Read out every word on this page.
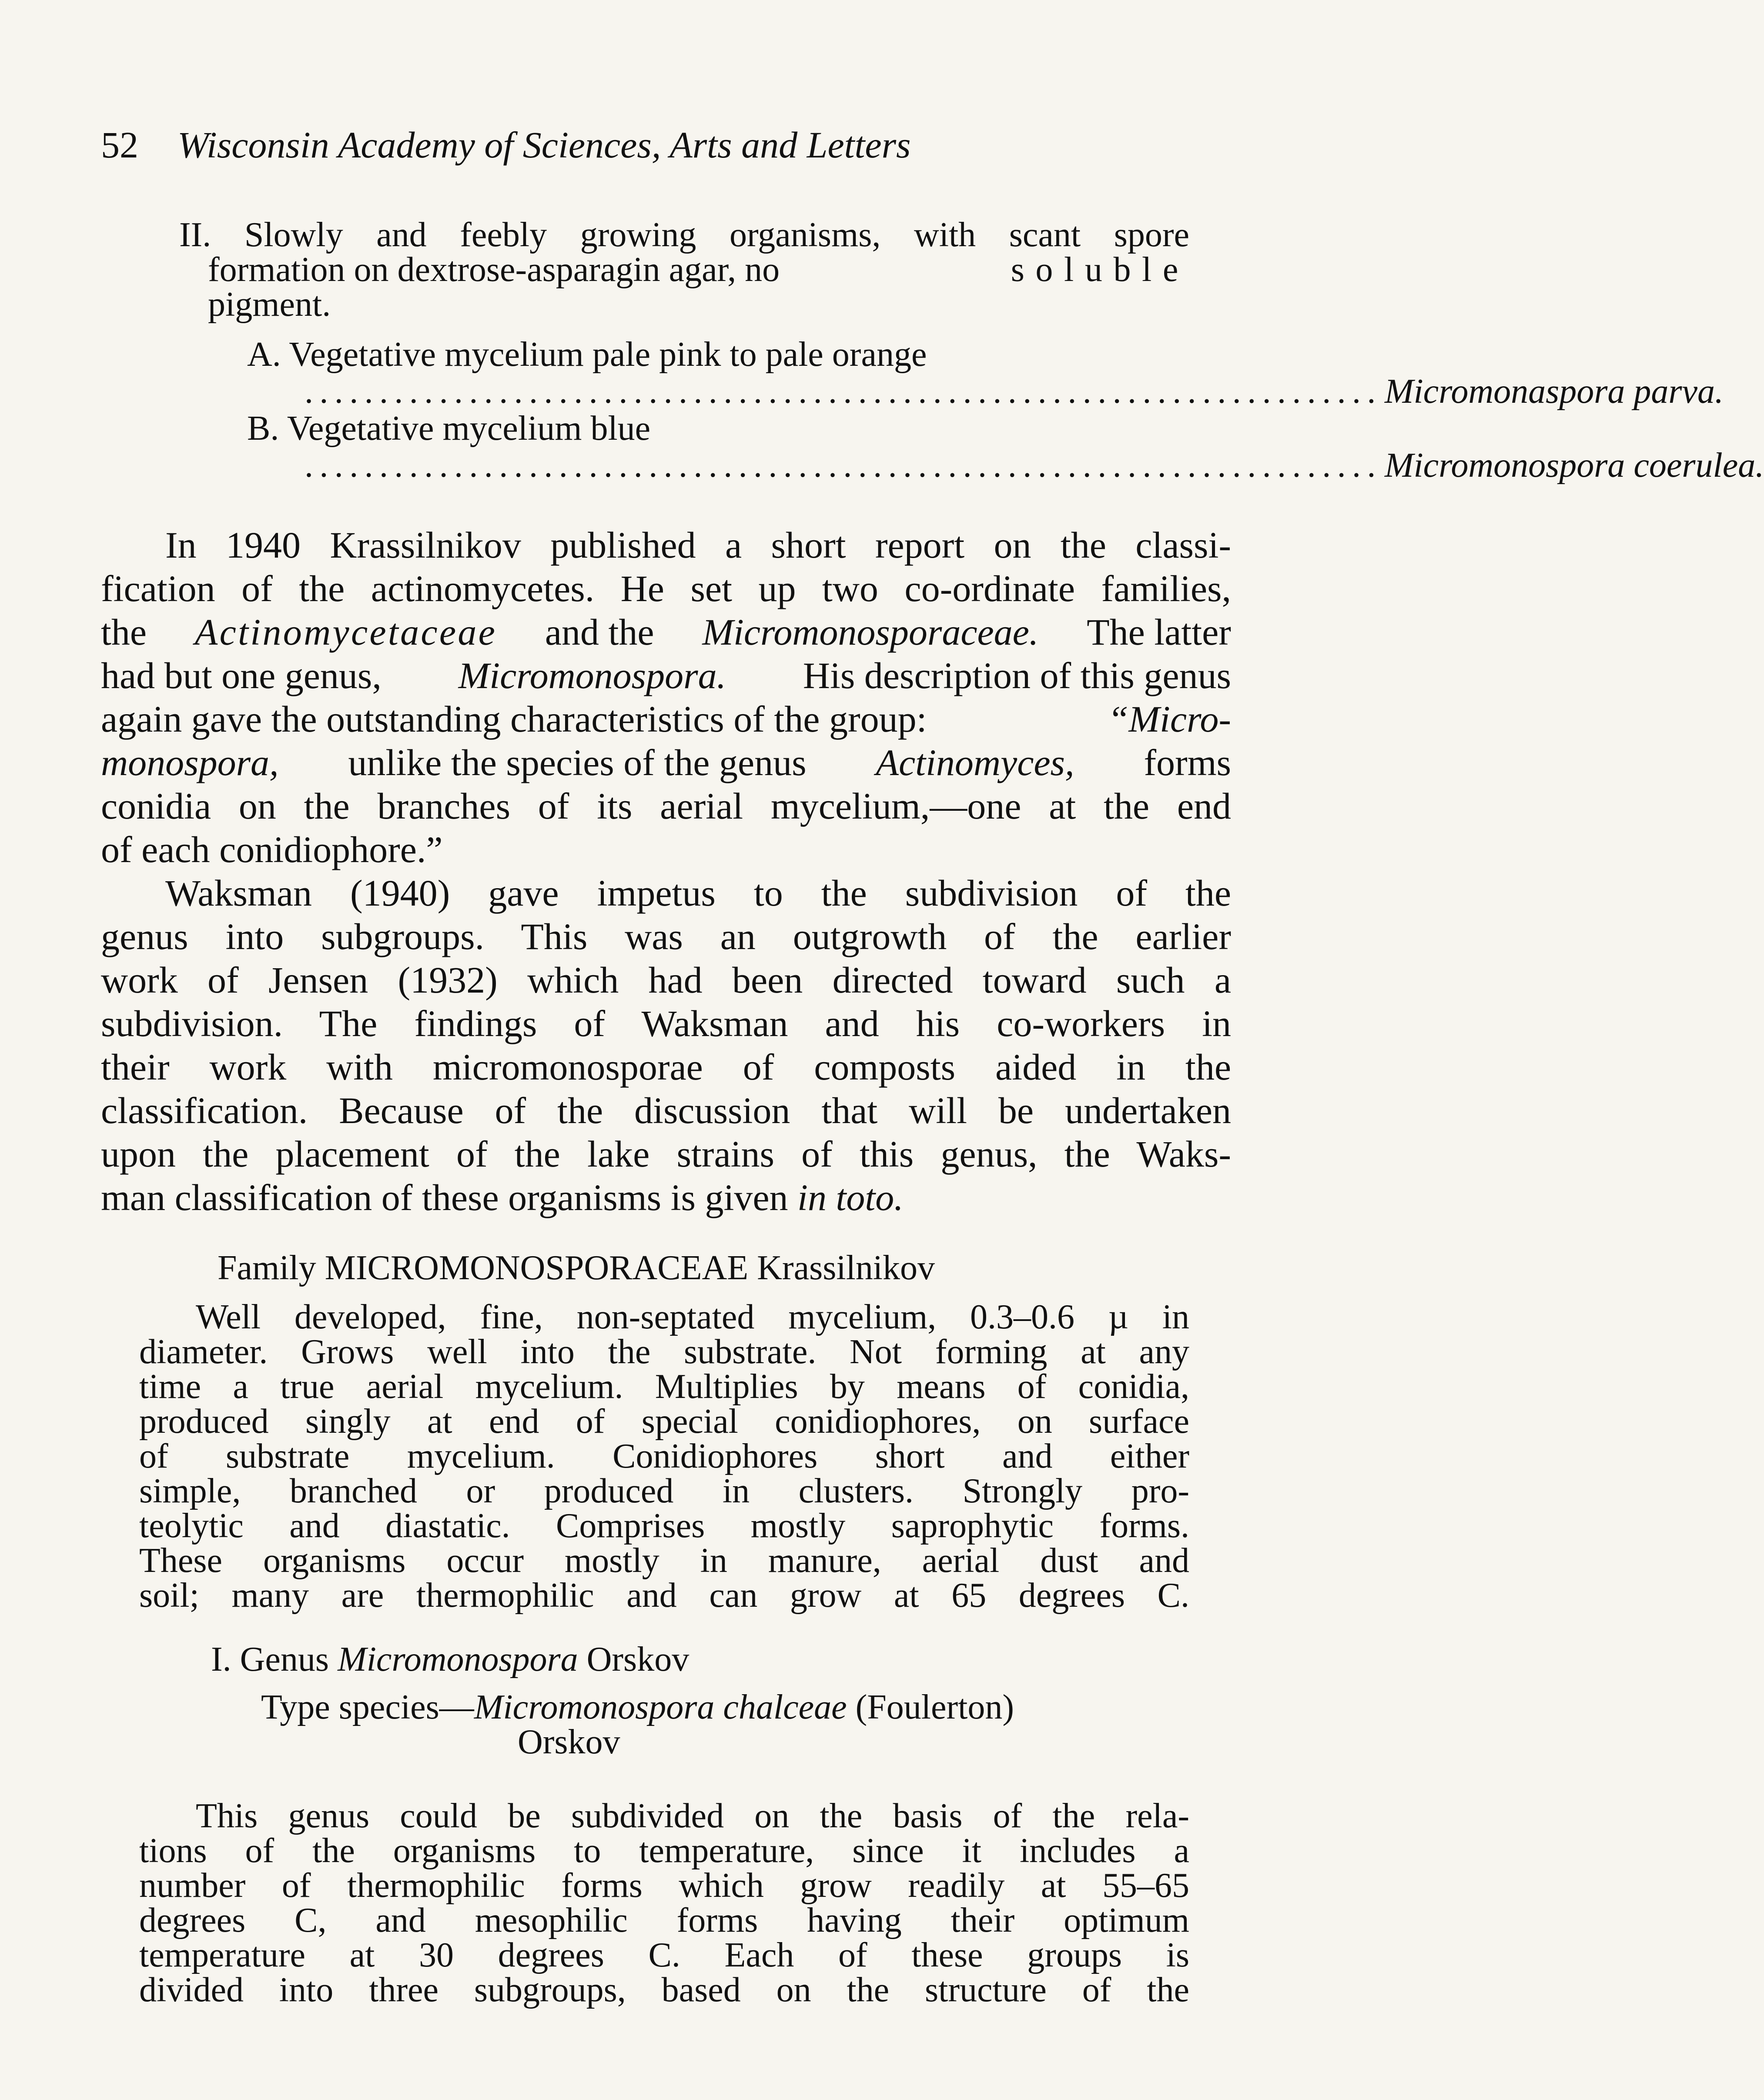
52 Wisconsin Academy of Sciences, Arts and Letters
II. Slowly and feebly growing organisms, with scant spore
formation on dextrose-asparagin agar, no	soluble
pigment.
A. Vegetative mycelium pale pink to pale orange
........................................................................ Micromonaspora parva.
B. Vegetative mycelium blue
........................................................................ Micromonospora coerulea.
In 1940 Krassilnikov published a short report on the classi-
fication of the actinomycetes. He set up two co-ordinate families,
the Actinomycetaceae and the Micromonosporaceae. The latter
had but one genus, Micromonospora. His description of this genus
again gave the outstanding characteristics of the group:	“Micro-
monospora, unlike the species of the genus Actinomyces, forms
conidia on the branches of its aerial mycelium,—one at the end
of each conidiophore.”
Waksman (1940) gave impetus to the subdivision of the
genus into subgroups. This was an outgrowth of the earlier
work of Jensen (1932) which had been directed toward such a
subdivision. The findings of Waksman and his co-workers in
their work with micromonosporae of composts aided in the
classification. Because of the discussion that will be undertaken
upon the placement of the lake strains of this genus, the Waks-
man classification of these organisms is given in toto.
Family MICROMONOSPORACEAE Krassilnikov
Well developed, fine, non-septated mycelium, 0.3–0.6 µ in
diameter. Grows well into the substrate. Not forming at any
time a true aerial mycelium. Multiplies by means of conidia,
produced singly at end of special conidiophores, on surface
of substrate mycelium. Conidiophores short and either
simple, branched or produced in clusters. Strongly pro-
teolytic and diastatic. Comprises mostly saprophytic forms.
These organisms occur mostly in manure, aerial dust and
soil; many are thermophilic and can grow at 65 degrees C.
I. Genus Micromonospora Orskov
Type species—Micromonospora chalceae (Foulerton)
Orskov
This genus could be subdivided on the basis of the rela-
tions of the organisms to temperature, since it includes a
number of thermophilic forms which grow readily at 55–65
degrees C, and mesophilic forms having their optimum
temperature at 30 degrees C. Each of these groups is
divided into three subgroups, based on the structure of the
